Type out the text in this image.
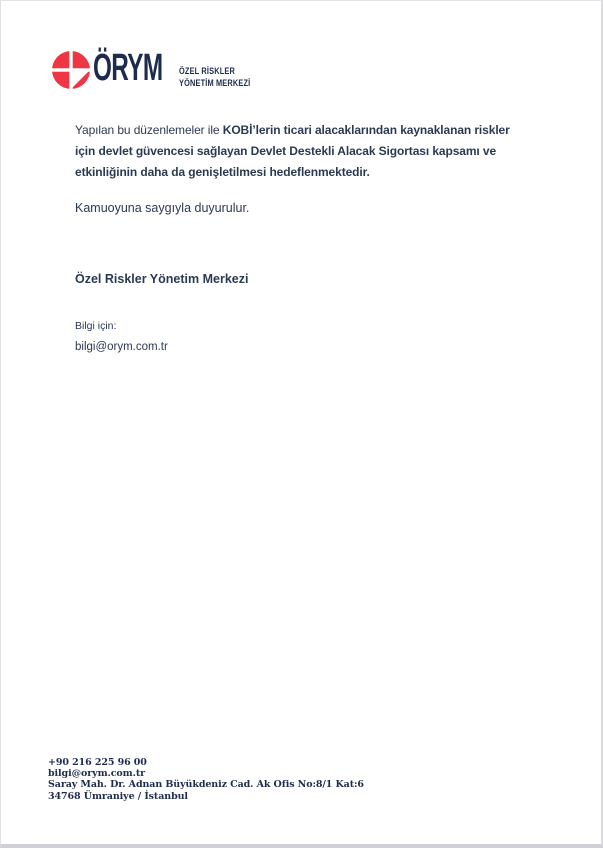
ÖRYM ÖZEL RİSKLER
YÖNETİM MERKEZİ

Yapılan bu düzenlemeler ile KOBİ’lerin ticari alacaklarından kaynaklanan riskler için devlet güvencesi sağlayan Devlet Destekli Alacak Sigortası kapsamı ve etkinliğinin daha da genişletilmesi hedeflenmektedir.

Kamuoyuna saygıyla duyurulur.
Özel Riskler Yönetim Merkezi
Bilgi için:
bilgi@orym.com.tr
+90 216 225 96 00
bilgi@orym.com.tr
Saray Mah. Dr. Adnan Büyükdeniz Cad. Ak Ofis No:8/1 Kat:6
34768 Ümraniye / İstanbul
